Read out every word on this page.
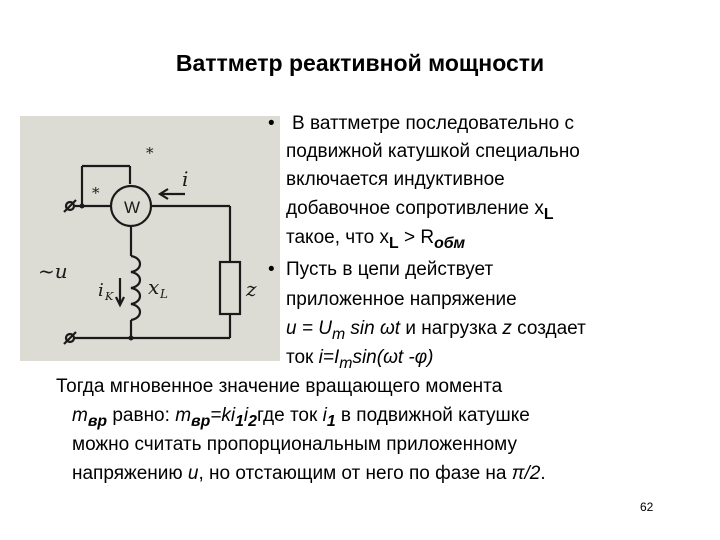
Ваттметр реактивной мощности
W
*
*
i
~u
i K x L	z
• В ваттметре последовательно с
подвижной катушкой специально
включается индуктивное
добавочное сопротивление $x_L$
такое, что $x_L > R_{обм}$
• Пусть в цепи действует
приложенное напряжение
$u = U_m$ sin ωt и нагрузка z создает
ток $i=I_m\sin(\omega t$ -φ)
Тогда мгновенное значение вращающего момента
$m_{вр}$ равно: $m_{вр}=ki_1i_2где$ ток $i_1$ в подвижной катушке
можно считать пропорциональным приложенному
напряжению u, но отстающим от него по фазе на π/2.
62
